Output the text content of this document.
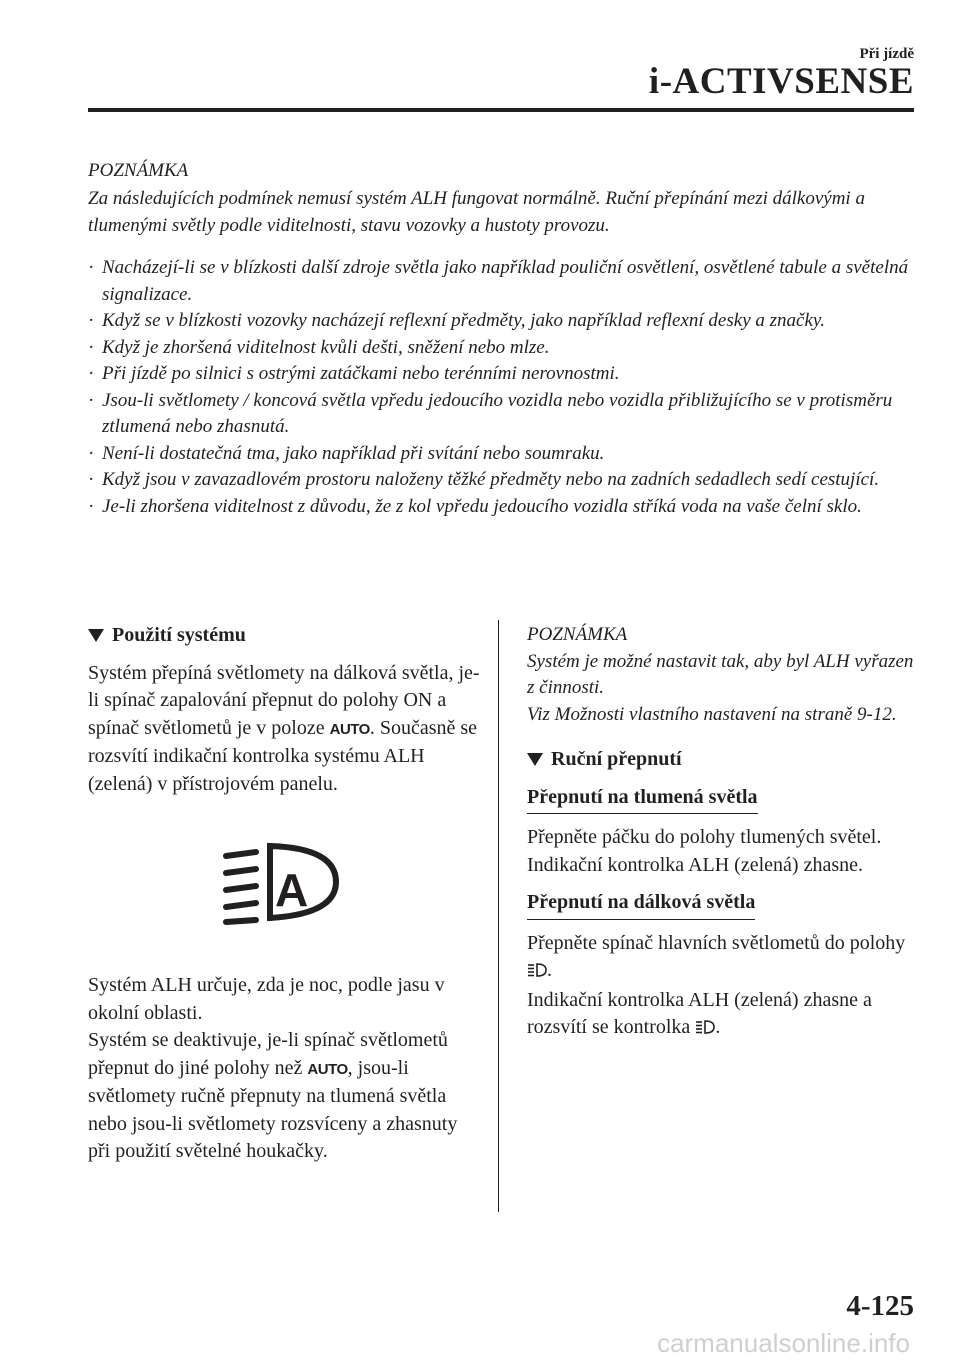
Při jízdě
i-ACTIVSENSE
POZNÁMKA
Za následujících podmínek nemusí systém ALH fungovat normálně. Ruční přepínání mezi dálkovými a tlumenými světly podle viditelnosti, stavu vozovky a hustoty provozu.
· Nacházejí-li se v blízkosti další zdroje světla jako například pouliční osvětlení, osvětlené tabule a světelná signalizace.
· Když se v blízkosti vozovky nacházejí reflexní předměty, jako například reflexní desky a značky.
· Když je zhoršená viditelnost kvůli dešti, sněžení nebo mlze.
· Při jízdě po silnici s ostrými zatáčkami nebo terénními nerovnostmi.
· Jsou-li světlomety / koncová světla vpředu jedoucího vozidla nebo vozidla přibližujícího se v protisměru ztlumená nebo zhasnutá.
· Není-li dostatečná tma, jako například při svítání nebo soumraku.
· Když jsou v zavazadlovém prostoru naloženy těžké předměty nebo na zadních sedadlech sedí cestující.
· Je-li zhoršena viditelnost z důvodu, že z kol vpředu jedoucího vozidla stříká voda na vaše čelní sklo.
Použití systému

Systém přepíná světlomety na dálková světla, je-li spínač zapalování přepnut do polohy ON a spínač světlometů je v poloze AUTO. Současně se rozsvítí indikační kontrolka systému ALH (zelená) v přístrojovém panelu.

A

Systém ALH určuje, zda je noc, podle jasu v okolní oblasti.

Systém se deaktivuje, je-li spínač světlometů přepnut do jiné polohy než AUTO, jsou-li světlomety ručně přepnuty na tlumená světla nebo jsou-li světlomety rozsvíceny a zhasnuty při použití světelné houkačky.

POZNÁMKA
Systém je možné nastavit tak, aby byl ALH vyřazen z činnosti.
Viz Možnosti vlastního nastavení na straně 9-12.
Ruční přepnutí
Přepnutí na tlumená světla

Přepněte páčku do polohy tlumených světel.

Indikační kontrolka ALH (zelená) zhasne.

Přepnutí na dálková světla

Přepněte spínač hlavních světlometů do polohy .

Indikační kontrolka ALH (zelená) zhasne a rozsvítí se kontrolka .

4-125
carmanualsonline.info
